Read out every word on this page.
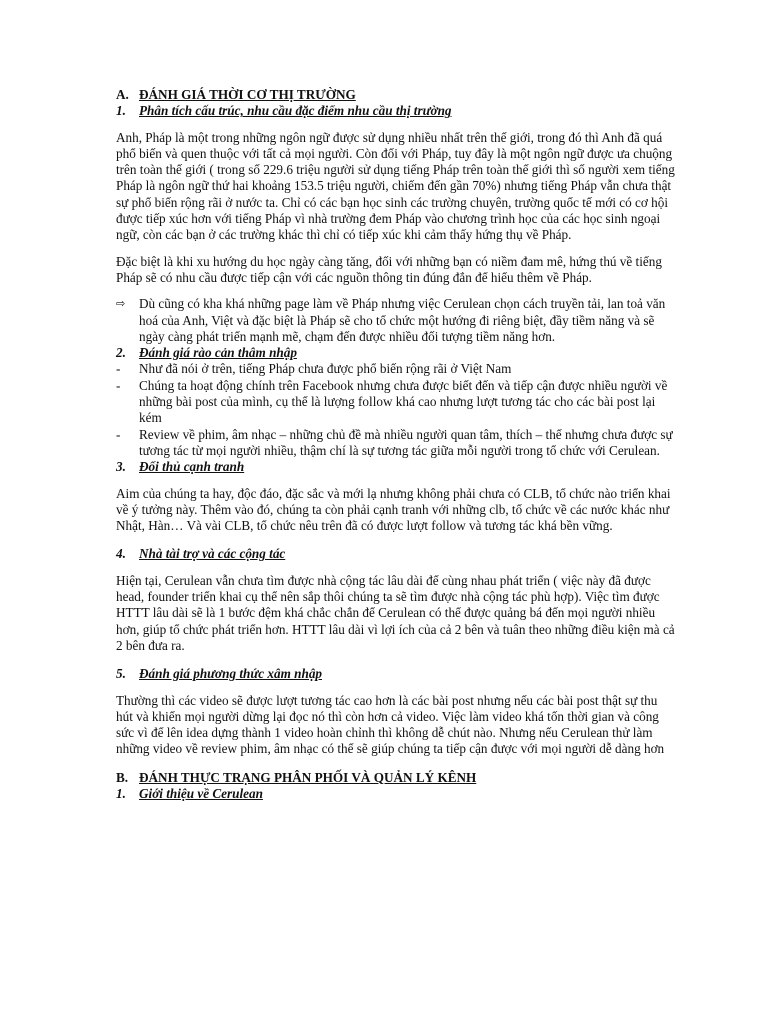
A. ĐÁNH GIÁ THỜI CƠ THỊ TRƯỜNG
1. Phân tích cấu trúc, nhu cầu đặc điểm nhu cầu thị trường

Anh, Pháp là một trong những ngôn ngữ được sử dụng nhiều nhất trên thế giới, trong đó thì Anh đã quá phổ biến và quen thuộc với tất cả mọi người. Còn đối với Pháp, tuy đây là một ngôn ngữ được ưa chuộng trên toàn thế giới ( trong số 229.6 triệu người sử dụng tiếng Pháp trên toàn thế giới thì số người xem tiếng Pháp là ngôn ngữ thứ hai khoảng 153.5 triệu người, chiếm đến gần 70%) nhưng tiếng Pháp vẫn chưa thật sự phổ biến rộng rãi ở nước ta. Chỉ có các bạn học sinh các trường chuyên, trường quốc tế mới có cơ hội được tiếp xúc hơn với tiếng Pháp vì nhà trường đem Pháp vào chương trình học của các học sinh ngoại ngữ, còn các bạn ở các trường khác thì chỉ có tiếp xúc khi cảm thấy hứng thụ về Pháp.

Đặc biệt là khi xu hướng du học ngày càng tăng, đối với những bạn có niềm đam mê, hứng thú về tiếng Pháp sẽ có nhu cầu được tiếp cận với các nguồn thông tin đúng đắn để hiểu thêm về Pháp.

⇨	Dù cũng có kha khá những page làm về Pháp nhưng việc Cerulean chọn cách truyền tải, lan toả văn hoá của Anh, Việt và đặc biệt là Pháp sẽ cho tổ chức một hướng đi riêng biệt, đầy tiềm năng và sẽ ngày càng phát triển mạnh mẽ, chạm đến được nhiều đối tượng tiềm năng hơn.
2. Đánh giá rào cản thâm nhập
-	Như đã nói ở trên, tiếng Pháp chưa được phổ biến rộng rãi ở Việt Nam
-	Chúng ta hoạt động chính trên Facebook nhưng chưa được biết đến và tiếp cận được nhiều người về những bài post của mình, cụ thể là lượng follow khá cao nhưng lượt tương tác cho các bài post lại kém
-	Review về phim, âm nhạc – những chủ đề mà nhiều người quan tâm, thích – thế nhưng chưa được sự tương tác từ mọi người nhiều, thậm chí là sự tương tác giữa mỗi người trong tổ chức với Cerulean.
3. Đối thủ cạnh tranh

Aim của chúng ta hay, độc đáo, đặc sắc và mới lạ nhưng không phải chưa có CLB, tổ chức nào triển khai về ý tưởng này. Thêm vào đó, chúng ta còn phải cạnh tranh với những clb, tổ chức về các nước khác như Nhật, Hàn… Và vài CLB, tổ chức nêu trên đã có được lượt follow và tương tác khá bền vững.

4. Nhà tài trợ và các cộng tác

Hiện tại, Cerulean vẫn chưa tìm được nhà cộng tác lâu dài để cùng nhau phát triển ( việc này đã được head, founder triển khai cụ thể nên sắp thôi chúng ta sẽ tìm được nhà cộng tác phù hợp). Việc tìm được HTTT lâu dài sẽ là 1 bước đệm khá chắc chắn để Cerulean có thể được quảng bá đến mọi người nhiều hơn, giúp tổ chức phát triển hơn. HTTT lâu dài vì lợi ích của cả 2 bên và tuân theo những điều kiện mà cả 2 bên đưa ra.

5. Đánh giá phương thức xâm nhập

Thường thì các video sẽ được lượt tương tác cao hơn là các bài post nhưng nếu các bài post thật sự thu hút và khiến mọi người dừng lại đọc nó thì còn hơn cả video. Việc làm video khá tốn thời gian và công sức vì để lên idea dựng thành 1 video hoàn chỉnh thì không dễ chút nào. Nhưng nếu Cerulean thử làm những video về review phim, âm nhạc có thể sẽ giúp chúng ta tiếp cận được với mọi người dễ dàng hơn

B. ĐÁNH THỰC TRẠNG PHÂN PHỐI VÀ QUẢN LÝ KÊNH
1. Giới thiệu về Cerulean
